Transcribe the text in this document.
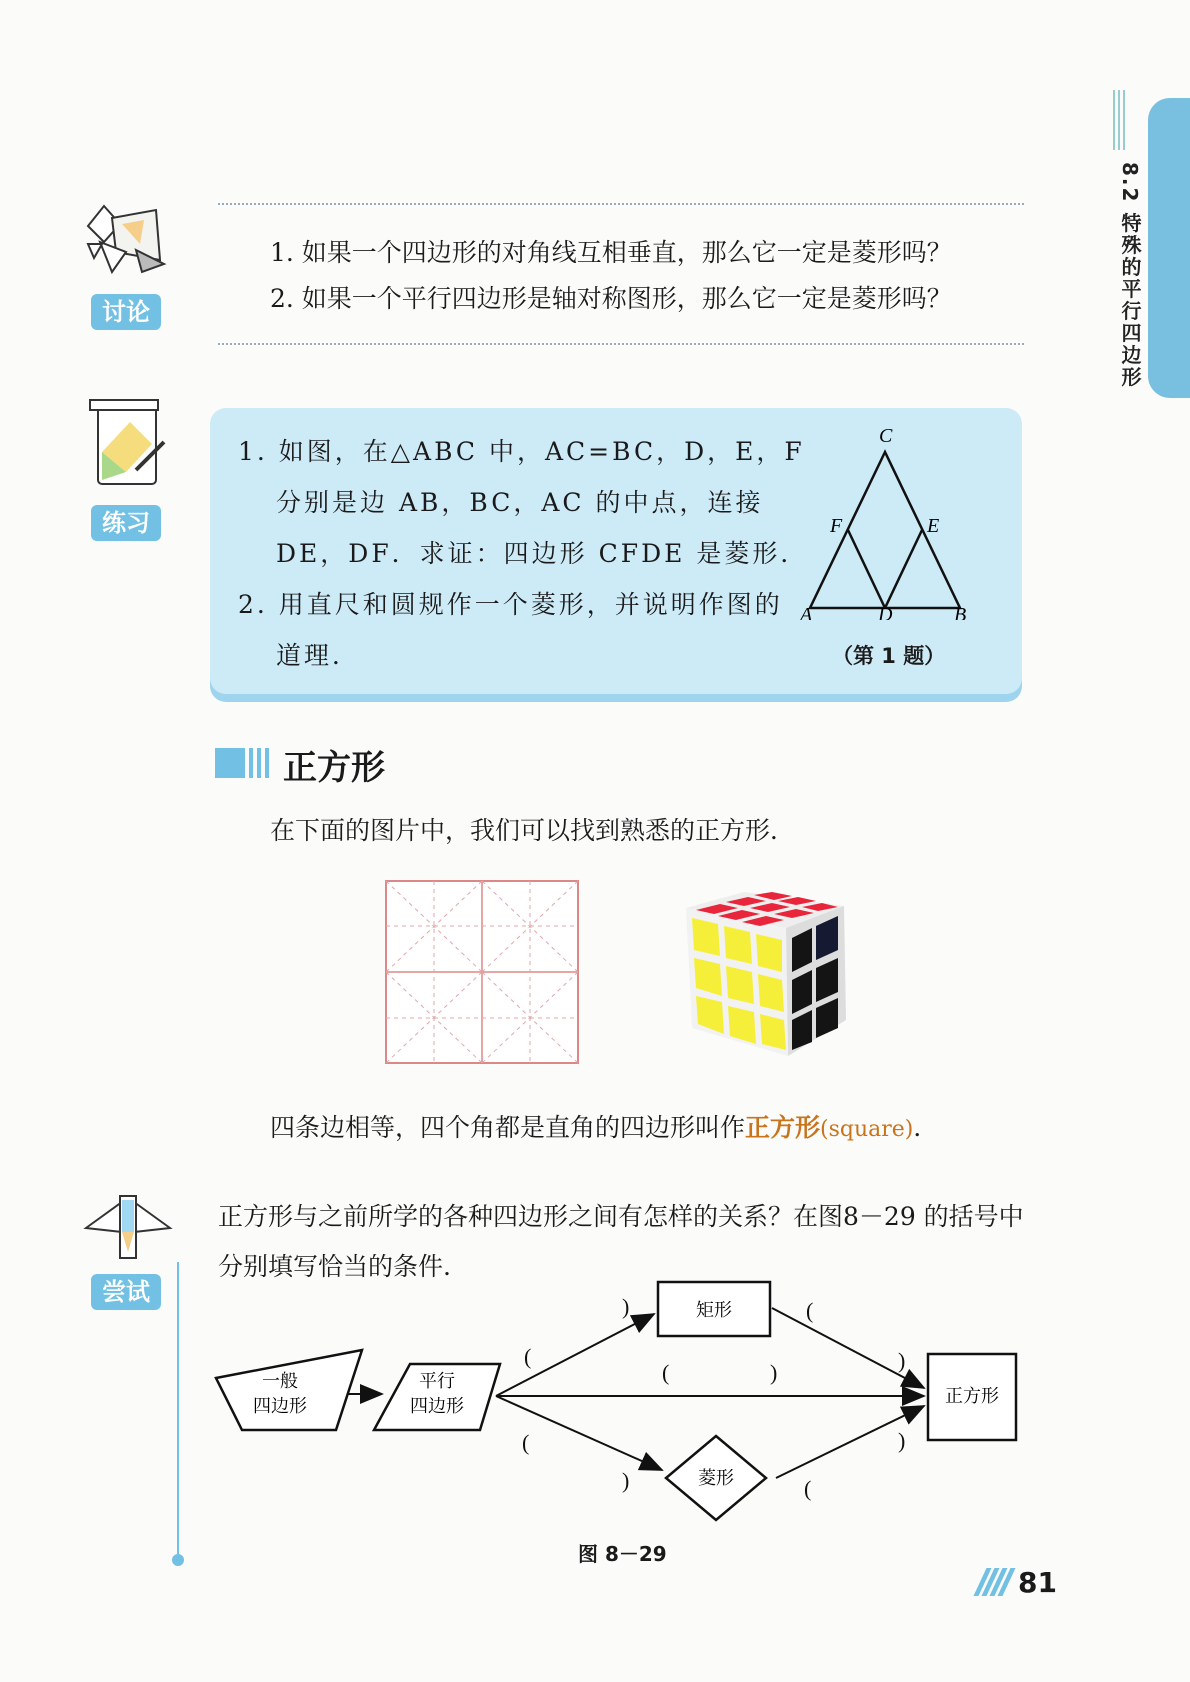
8.2 特殊的平行四边形
讨论
1. 如果一个四边形的对角线互相垂直，那么它一定是菱形吗？
2. 如果一个平行四边形是轴对称图形，那么它一定是菱形吗？
练习
1. 如图，在△ABC 中，AC=BC，D，E，F
分别是边 AB，BC，AC 的中点，连接
DE，DF．求证：四边形 CFDE 是菱形．
2. 用直尺和圆规作一个菱形，并说明作图的
道理．
C
F	E
A	D	B
（第 1 题）
正方形
在下面的图片中，我们可以找到熟悉的正方形．
四条边相等，四个角都是直角的四边形叫作正方形(square)．
尝试
正方形与之前所学的各种四边形之间有怎样的关系？在图8－29 的括号中分别填写恰当的条件.
一般
四边形
平行
四边形
矩形
菱形
正方形
)
(
(	)
(
)
(
)
)
(
图 8－29
81
